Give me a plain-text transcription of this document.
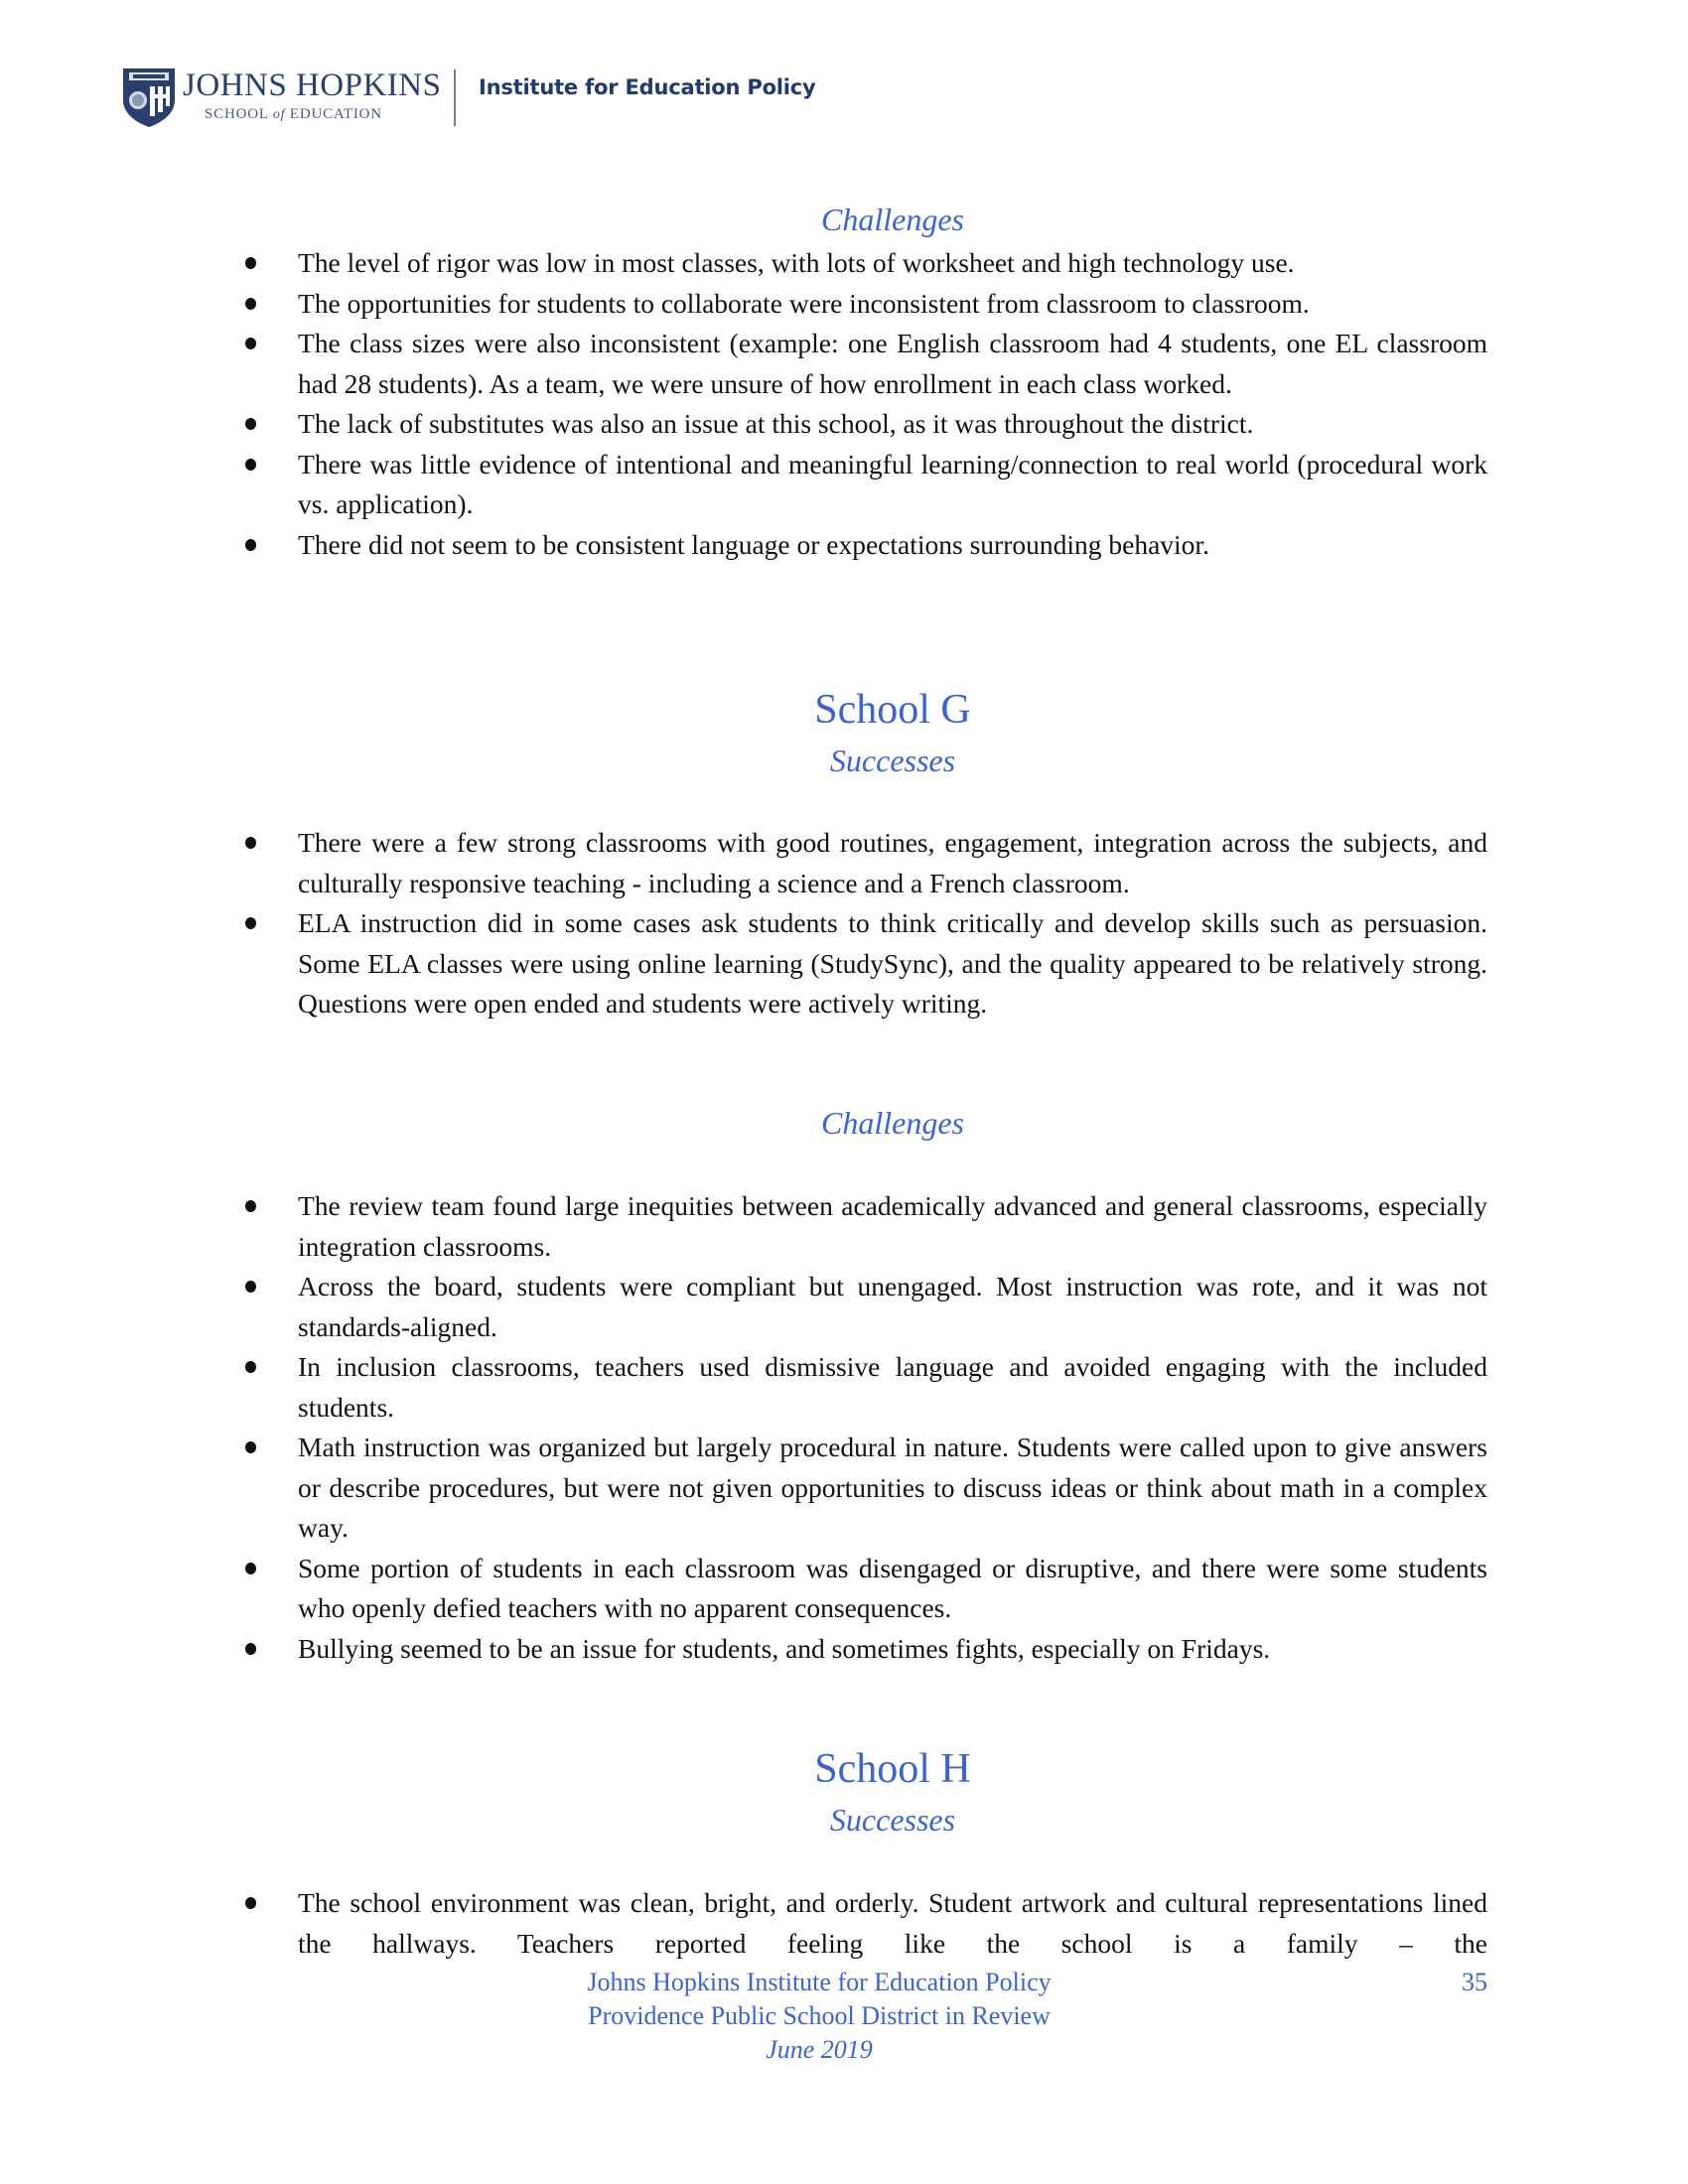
JOHNS HOPKINS
SCHOOL of EDUCATION
Institute for Education Policy
Challenges
The level of rigor was low in most classes, with lots of worksheet and high technology use.
The opportunities for students to collaborate were inconsistent from classroom to classroom.
The class sizes were also inconsistent (example: one English classroom had 4 students, one EL classroom had 28 students). As a team, we were unsure of how enrollment in each class worked.
The lack of substitutes was also an issue at this school, as it was throughout the district.
There was little evidence of intentional and meaningful learning/connection to real world (procedural work vs. application).
There did not seem to be consistent language or expectations surrounding behavior.
School G
Successes
There were a few strong classrooms with good routines, engagement, integration across the subjects, and culturally responsive teaching - including a science and a French classroom.
ELA instruction did in some cases ask students to think critically and develop skills such as persuasion. Some ELA classes were using online learning (StudySync), and the quality appeared to be relatively strong. Questions were open ended and students were actively writing.
Challenges
The review team found large inequities between academically advanced and general classrooms, especially integration classrooms.
Across the board, students were compliant but unengaged. Most instruction was rote, and it was not standards-aligned.
In inclusion classrooms, teachers used dismissive language and avoided engaging with the included students.
Math instruction was organized but largely procedural in nature. Students were called upon to give answers or describe procedures, but were not given opportunities to discuss ideas or think about math in a complex way.
Some portion of students in each classroom was disengaged or disruptive, and there were some students who openly defied teachers with no apparent consequences.
Bullying seemed to be an issue for students, and sometimes fights, especially on Fridays.
School H
Successes
The school environment was clean, bright, and orderly. Student artwork and cultural representations lined the hallways. Teachers reported feeling like the school is a family – the
Johns Hopkins Institute for Education Policy	35
Providence Public School District in Review
June 2019
